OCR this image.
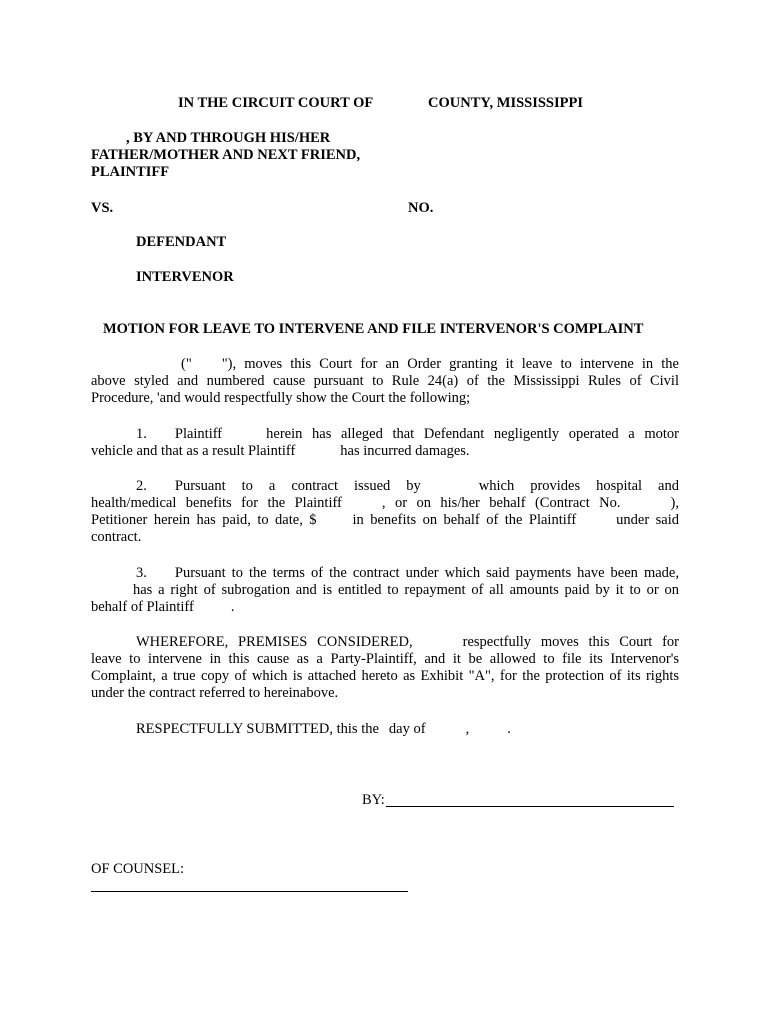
IN THE CIRCUIT COURT OF	COUNTY, MISSISSIPPI
, BY AND THROUGH HIS/HER
FATHER/MOTHER AND NEXT FRIEND,
PLAINTIFF
VS.	NO.
DEFENDANT
INTERVENOR
MOTION FOR LEAVE TO INTERVENE AND FILE INTERVENOR'S COMPLAINT
(" "), moves this Court for an Order granting it leave to intervene in the
above styled and numbered cause pursuant to Rule 24(a) of the Mississippi Rules of Civil
Procedure, 'and would respectfully show the Court the following;
1. Plaintiff	herein has alleged that Defendant negligently operated a motor
vehicle and that as a result Plaintiff	has incurred damages.
2. Pursuant to a contract issued by	which provides hospital and
health/medical benefits for the Plaintiff	, or on his/her behalf (Contract No.	),
Petitioner herein has paid, to date, $ in benefits on behalf of the Plaintiff	under said
contract.
3. Pursuant to the terms of the contract under which said payments have been made,
has a right of subrogation and is entitled to repayment of all amounts paid by it to or on
behalf of Plaintiff	.
WHEREFORE, PREMISES CONSIDERED,	respectfully moves this Court for
leave to intervene in this cause as a Party-Plaintiff, and it be allowed to file its Intervenor's
Complaint, a true copy of which is attached hereto as Exhibit "A", for the protection of its rights
under the contract referred to hereinabove.
RESPECTFULLY SUBMITTED, this the day of	,	.
BY:
OF COUNSEL:
